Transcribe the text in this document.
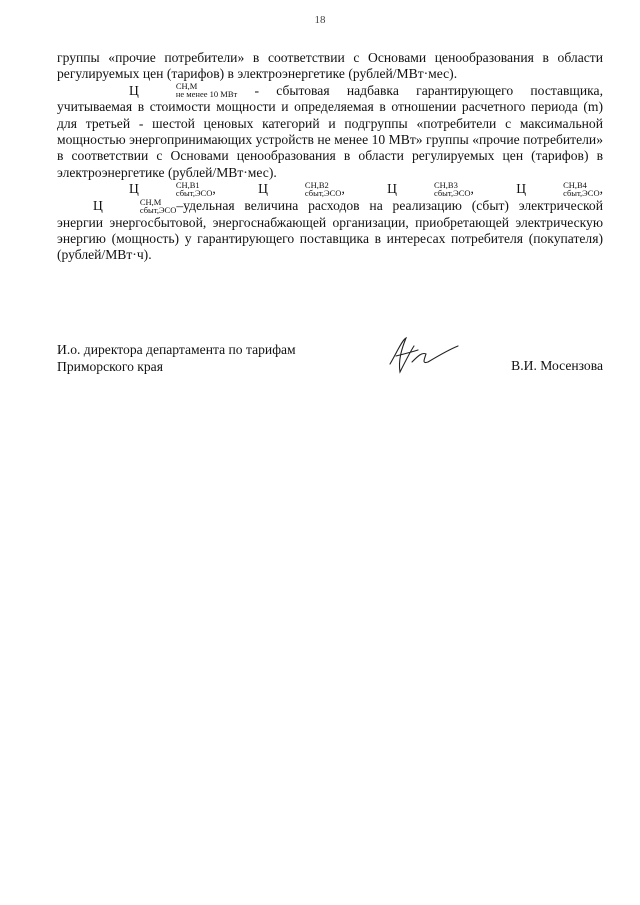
18

группы «прочие потребители» в соответствии с Основами ценообразования в области регулируемых цен (тарифов) в электроэнергетике (рублей/МВт·мес).

Ц	СН,М
не менее 10 МВт - сбытовая надбавка гарантирующего поставщика, учитываемая в стоимости мощности и определяемая в отношении расчетного периода (m) для третьей - шестой ценовых категорий и подгруппы «потребители с максимальной мощностью энергопринимающих устройств не менее 10 МВт» группы «прочие потребители» в соответствии с Основами ценообразования в области регулируемых цен (тарифов) в электроэнергетике (рублей/МВт·мес).

Ц	СН,В1
сбыт,ЭСО ,	Ц	СН,В2
сбыт,ЭСО ,	Ц	СН,В3
сбыт,ЭСО ,	Ц	СН,В4
сбыт,ЭСО , Ц	СН,М
сбыт,ЭСО –удельная величина расходов на реализацию (сбыт) электрической энергии энергосбытовой, энергоснабжающей организации, приобретающей электрическую энергию (мощность) у гарантирующего поставщика в интересах потребителя (покупателя) (рублей/МВт·ч).

И.о. директора департамента по тарифам
Приморского края	В.И. Мосензова
